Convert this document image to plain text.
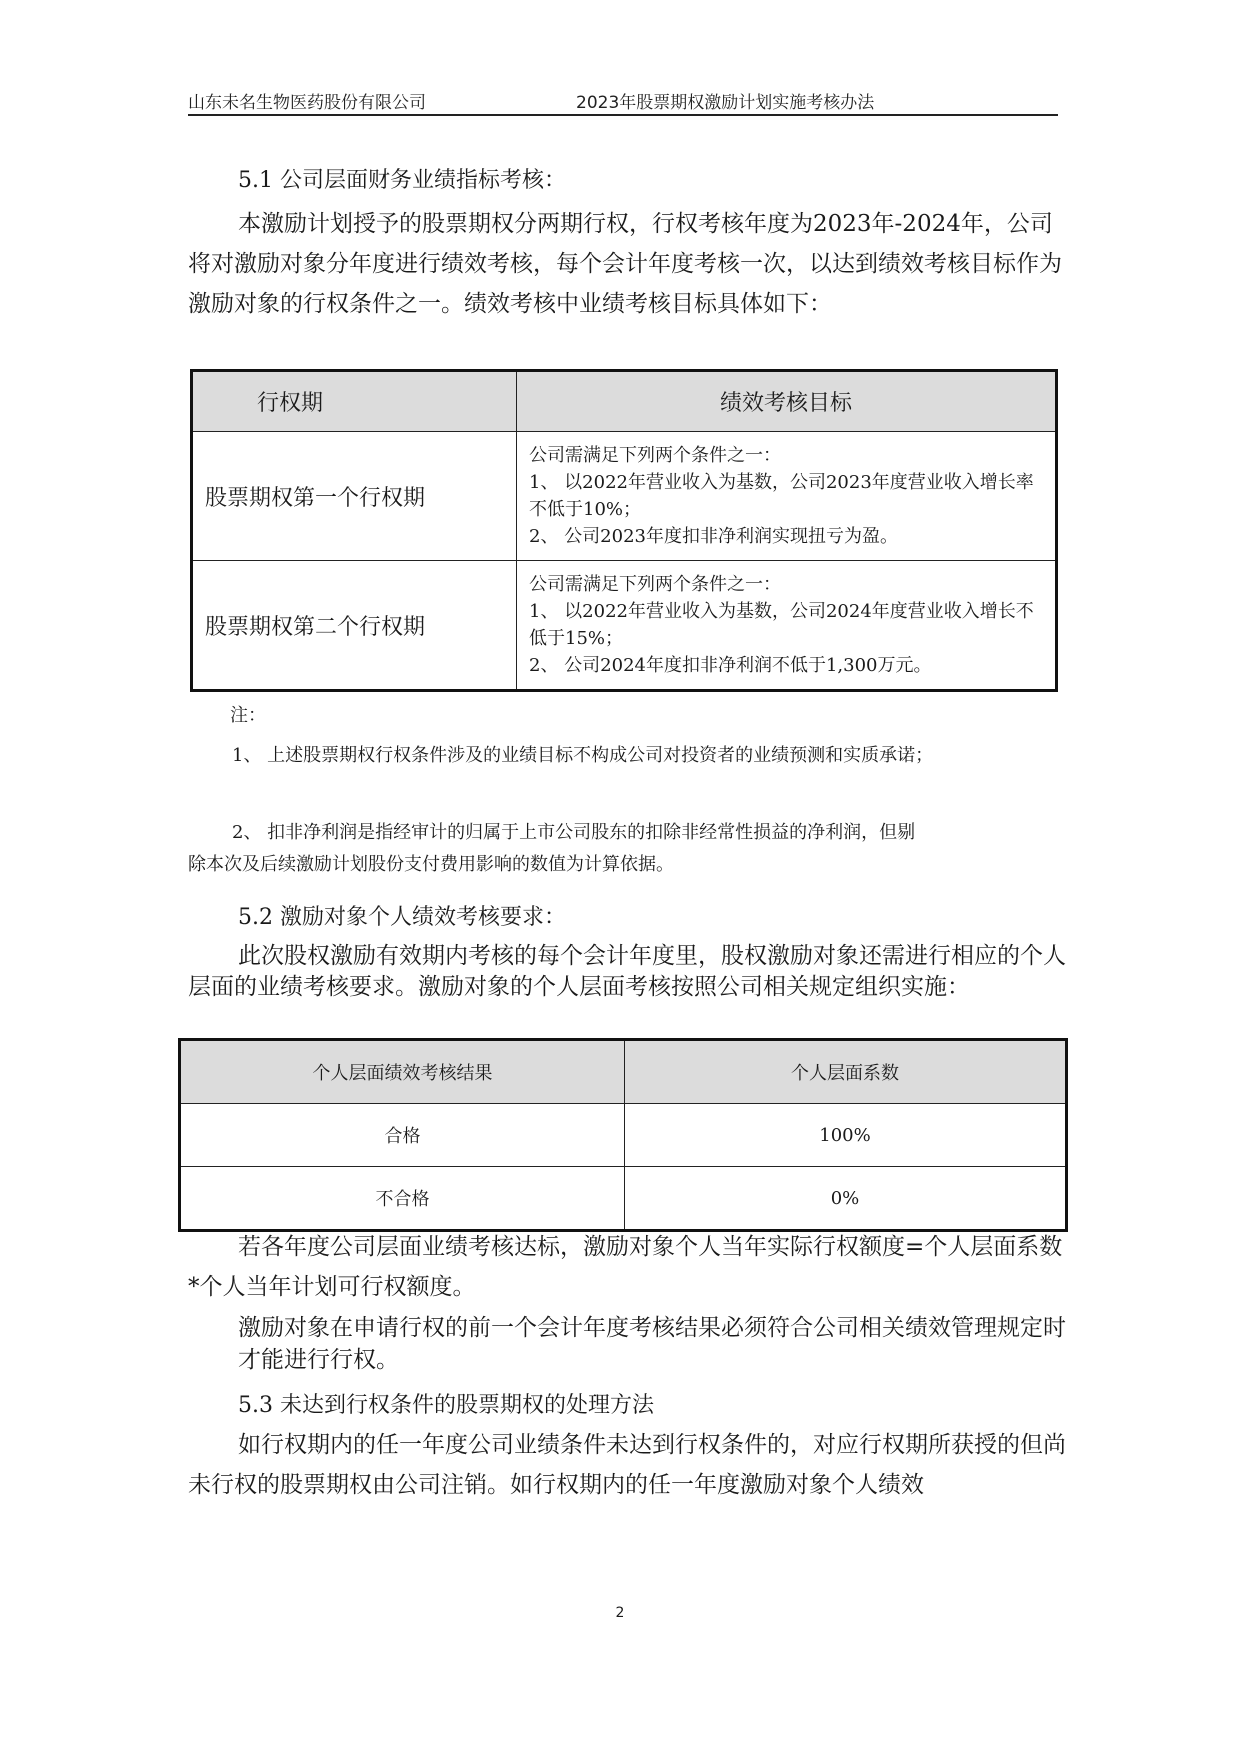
山东未名生物医药股份有限公司	2023年股票期权激励计划实施考核办法
5.1 公司层面财务业绩指标考核：
本激励计划授予的股票期权分两期行权，行权考核年度为2023年-2024年，公司将对激励对象分年度进行绩效考核，每个会计年度考核一次，以达到绩效考核目标作为激励对象的行权条件之一。绩效考核中业绩考核目标具体如下：
行权期	绩效考核目标
股票期权第一个行权期	公司需满足下列两个条件之一：
1、 以2022年营业收入为基数，公司2023年度营业收入增长率不低于10%；
2、 公司2023年度扣非净利润实现扭亏为盈。

股票期权第二个行权期	公司需满足下列两个条件之一：
1、 以2022年营业收入为基数，公司2024年度营业收入增长不低于15%；
2、 公司2024年度扣非净利润不低于1,300万元。
注：
1、 上述股票期权行权条件涉及的业绩目标不构成公司对投资者的业绩预测和实质承诺；
2、 扣非净利润是指经审计的归属于上市公司股东的扣除非经常性损益的净利润，但剔
除本次及后续激励计划股份支付费用影响的数值为计算依据。
5.2 激励对象个人绩效考核要求：
此次股权激励有效期内考核的每个会计年度里，股权激励对象还需进行相应的个人层面的业绩考核要求。激励对象的个人层面考核按照公司相关规定组织实施：
个人层面绩效考核结果	个人层面系数
合格	100%
不合格	0%
若各年度公司层面业绩考核达标，激励对象个人当年实际行权额度=个人层面系数*个人当年计划可行权额度。
激励对象在申请行权的前一个会计年度考核结果必须符合公司相关绩效管理规定时才能进行行权。
5.3 未达到行权条件的股票期权的处理方法
如行权期内的任一年度公司业绩条件未达到行权条件的，对应行权期所获授的但尚未行权的股票期权由公司注销。如行权期内的任一年度激励对象个人绩效
2
